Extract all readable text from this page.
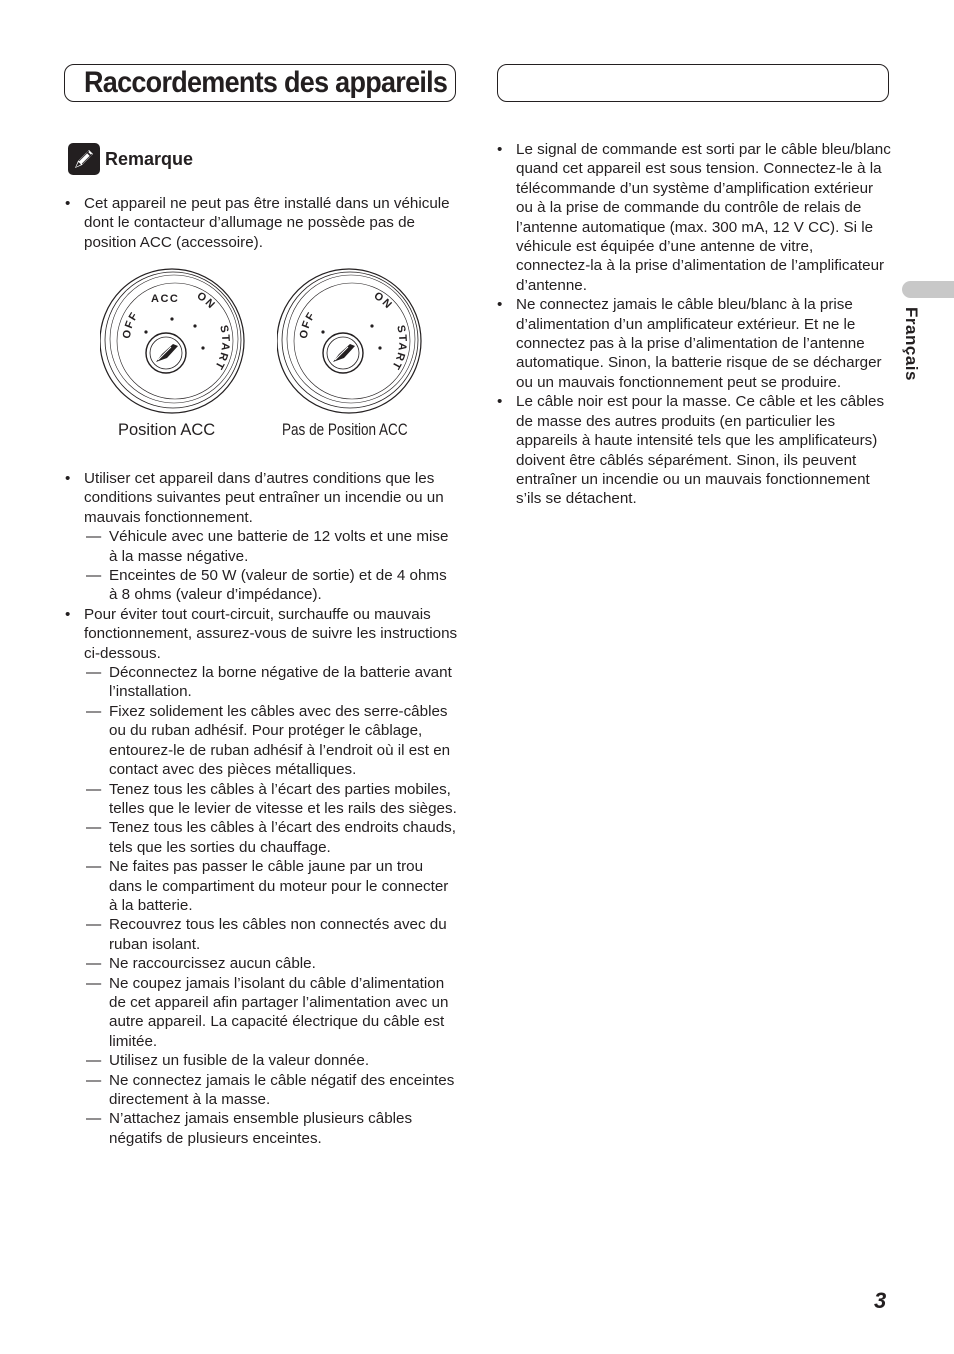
Raccordements des appareils
Remarque
• Cet appareil ne peut pas être installé dans un véhicule dont le contacteur d’allumage ne possède pas de position ACC (accessoire).
OFF
ACC ON
START
Position ACC
OFF
ON
START
Pas de Position ACC
• Utiliser cet appareil dans d’autres conditions que les conditions suivantes peut entraîner un incendie ou un mauvais fonctionnement.
— Véhicule avec une batterie de 12 volts et une mise à la masse négative.
— Enceintes de 50 W (valeur de sortie) et de 4 ohms à 8 ohms (valeur d’impédance).
• Pour éviter tout court-circuit, surchauffe ou mauvais fonctionnement, assurez-vous de suivre les instructions ci-dessous.
— Déconnectez la borne négative de la batterie avant l’installation.
— Fixez solidement les câbles avec des serre-câbles ou du ruban adhésif. Pour protéger le câblage, entourez-le de ruban adhésif à l’endroit où il est en contact avec des pièces métalliques.
— Tenez tous les câbles à l’écart des parties mobiles, telles que le levier de vitesse et les rails des sièges.
— Tenez tous les câbles à l’écart des endroits chauds, tels que les sorties du chauffage.
— Ne faites pas passer le câble jaune par un trou dans le compartiment du moteur pour le connecter à la batterie.
— Recouvrez tous les câbles non connectés avec du ruban isolant.
— Ne raccourcissez aucun câble.
— Ne coupez jamais l’isolant du câble d’alimentation de cet appareil afin partager l’alimentation avec un autre appareil. La capacité électrique du câble est limitée.
— Utilisez un fusible de la valeur donnée.
— Ne connectez jamais le câble négatif des enceintes directement à la masse.
— N’attachez jamais ensemble plusieurs câbles négatifs de plusieurs enceintes.
• Le signal de commande est sorti par le câble bleu/blanc quand cet appareil est sous tension. Connectez-le à la télécommande d’un système d’amplification extérieur ou à la prise de commande du contrôle de relais de l’antenne automatique (max. 300 mA, 12 V CC). Si le véhicule est équipée d’une antenne de vitre, connectez-la à la prise d’alimentation de l’amplificateur d’antenne.
• Ne connectez jamais le câble bleu/blanc à la prise d’alimentation d’un amplificateur extérieur. Et ne le connectez pas à la prise d’alimentation de l’antenne automatique. Sinon, la batterie risque de se décharger ou un mauvais fonctionnement peut se produire.
• Le câble noir est pour la masse. Ce câble et les câbles de masse des autres produits (en particulier les appareils à haute intensité tels que les amplificateurs) doivent être câblés séparément. Sinon, ils peuvent entraîner un incendie ou un mauvais fonctionnement s’ils se détachent.
Français
3
